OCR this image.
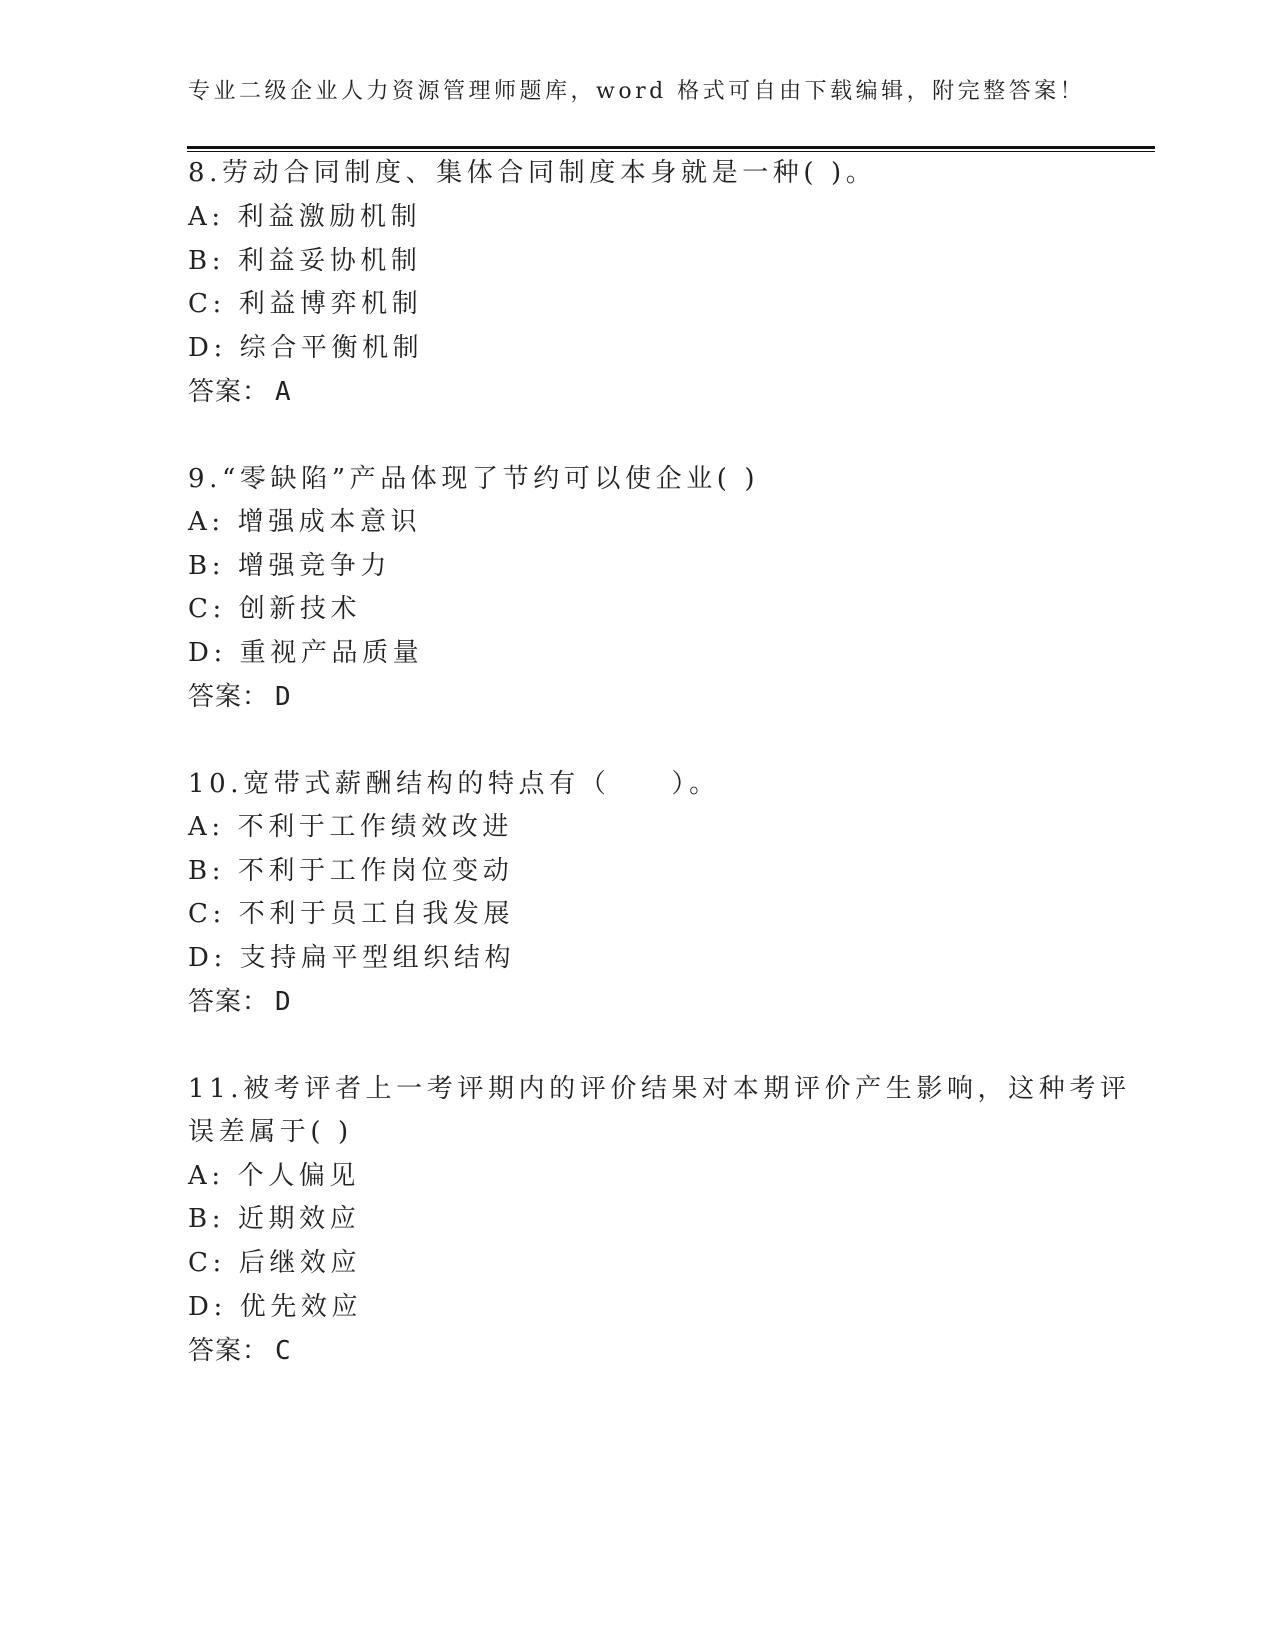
专业二级企业人力资源管理师题库，word 格式可自由下载编辑，附完整答案！
8.劳动合同制度、集体合同制度本身就是一种( )。
A: 利益激励机制
B: 利益妥协机制
C: 利益博弈机制
D: 综合平衡机制
答案： A
9.“零缺陷”产品体现了节约可以使企业( )
A: 增强成本意识
B: 增强竞争力
C: 创新技术
D: 重视产品质量
答案： D
10.宽带式薪酬结构的特点有（　　）。
A: 不利于工作绩效改进
B: 不利于工作岗位变动
C: 不利于员工自我发展
D: 支持扁平型组织结构
答案： D
11.被考评者上一考评期内的评价结果对本期评价产生影响，这种考评
误差属于( )
A: 个人偏见
B: 近期效应
C: 后继效应
D: 优先效应
答案： C
